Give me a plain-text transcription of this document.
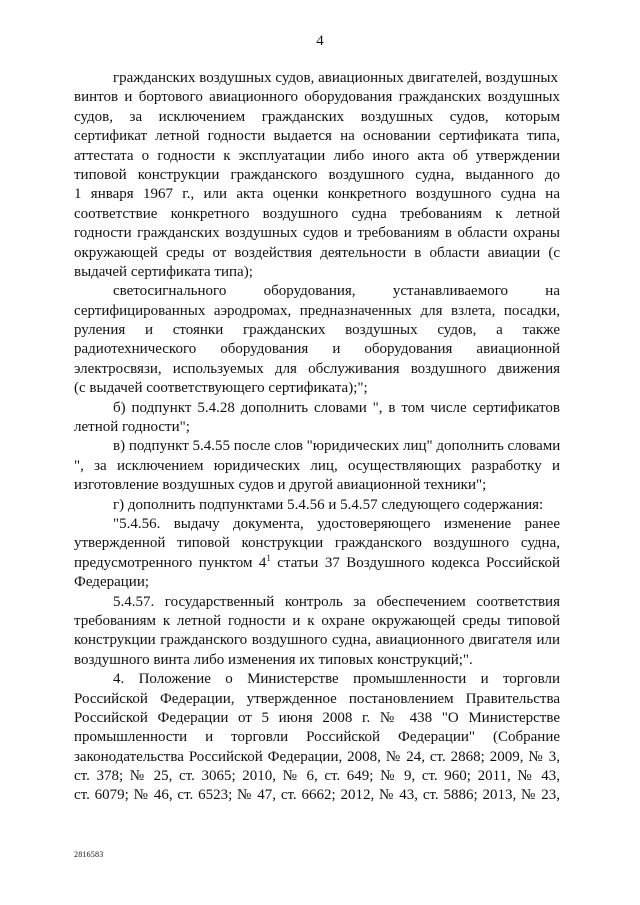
4
гражданских воздушных судов, авиационных двигателей, воздушных
винтов и бортового авиационного оборудования гражданских воздушных
судов, за исключением гражданских воздушных судов, которым
сертификат летной годности выдается на основании сертификата типа,
аттестата о годности к эксплуатации либо иного акта об утверждении
типовой конструкции гражданского воздушного судна, выданного до
1 января 1967 г., или акта оценки конкретного воздушного судна на
соответствие конкретного воздушного судна требованиям к летной
годности гражданских воздушных судов и требованиям в области охраны
окружающей среды от воздействия деятельности в области авиации (с
выдачей сертификата типа);
светосигнального оборудования, устанавливаемого на
сертифицированных аэродромах, предназначенных для взлета, посадки,
руления и стоянки гражданских воздушных судов, а также
радиотехнического оборудования и оборудования авиационной
электросвязи, используемых для обслуживания воздушного движения
(с выдачей соответствующего сертификата);";
б) подпункт 5.4.28 дополнить словами ", в том числе сертификатов
летной годности";
в) подпункт 5.4.55 после слов "юридических лиц" дополнить словами
", за исключением юридических лиц, осуществляющих разработку и
изготовление воздушных судов и другой авиационной техники";
г) дополнить подпунктами 5.4.56 и 5.4.57 следующего содержания:
"5.4.56. выдачу документа, удостоверяющего изменение ранее
утвержденной типовой конструкции гражданского воздушного судна,
предусмотренного пунктом $4^1$ статьи 37 Воздушного кодекса Российской
Федерации;
5.4.57. государственный контроль за обеспечением соответствия
требованиям к летной годности и к охране окружающей среды типовой
конструкции гражданского воздушного судна, авиационного двигателя или
воздушного винта либо изменения их типовых конструкций;".
4. Положение о Министерстве промышленности и торговли
Российской Федерации, утвержденное постановлением Правительства
Российской Федерации от 5 июня 2008 г. № 438 "О Министерстве
промышленности и торговли Российской Федерации" (Собрание
законодательства Российской Федерации, 2008, № 24, ст. 2868; 2009, № 3,
ст. 378; № 25, ст. 3065; 2010, № 6, ст. 649; № 9, ст. 960; 2011, № 43,
ст. 6079; № 46, ст. 6523; № 47, ст. 6662; 2012, № 43, ст. 5886; 2013, № 23,
2816583
